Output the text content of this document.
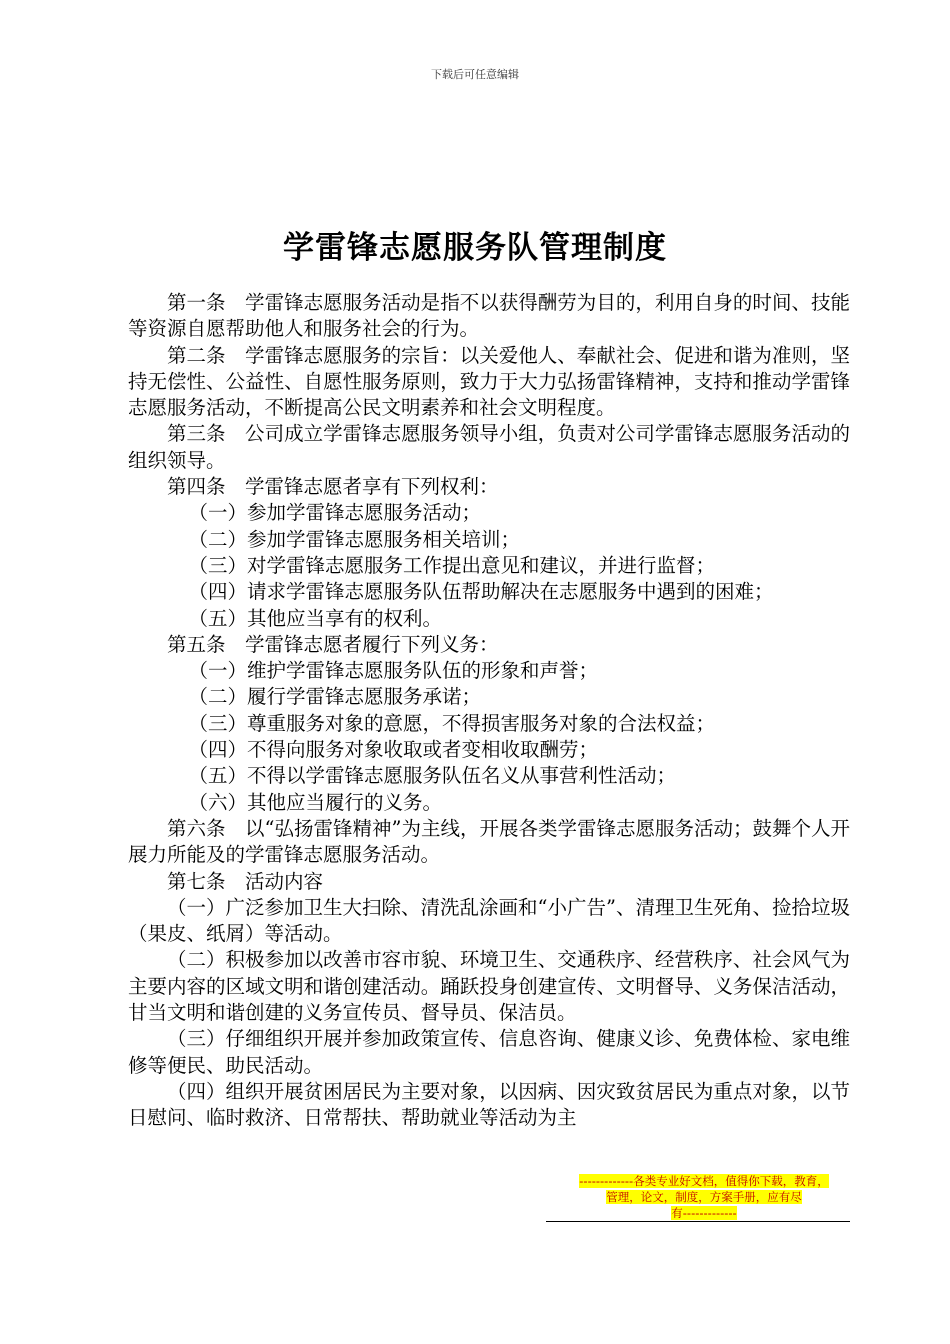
下载后可任意编辑
学雷锋志愿服务队管理制度

第一条　学雷锋志愿服务活动是指不以获得酬劳为目的，利用自身的时间、技能等资源自愿帮助他人和服务社会的行为。

第二条　学雷锋志愿服务的宗旨：以关爱他人、奉献社会、促进和谐为准则，坚持无偿性、公益性、自愿性服务原则，致力于大力弘扬雷锋精神，支持和推动学雷锋志愿服务活动，不断提高公民文明素养和社会文明程度。

第三条　公司成立学雷锋志愿服务领导小组，负责对公司学雷锋志愿服务活动的组织领导。

第四条　学雷锋志愿者享有下列权利：

（一）参加学雷锋志愿服务活动；

（二）参加学雷锋志愿服务相关培训；

（三）对学雷锋志愿服务工作提出意见和建议，并进行监督；

（四）请求学雷锋志愿服务队伍帮助解决在志愿服务中遇到的困难；

（五）其他应当享有的权利。

第五条　学雷锋志愿者履行下列义务：

（一）维护学雷锋志愿服务队伍的形象和声誉；

（二）履行学雷锋志愿服务承诺；

（三）尊重服务对象的意愿，不得损害服务对象的合法权益；

（四）不得向服务对象收取或者变相收取酬劳；

（五）不得以学雷锋志愿服务队伍名义从事营利性活动；

（六）其他应当履行的义务。

第六条　以“弘扬雷锋精神”为主线，开展各类学雷锋志愿服务活动；鼓舞个人开展力所能及的学雷锋志愿服务活动。

第七条　活动内容

（一）广泛参加卫生大扫除、清洗乱涂画和“小广告”、清理卫生死角、捡拾垃圾（果皮、纸屑）等活动。

（二）积极参加以改善市容市貌、环境卫生、交通秩序、经营秩序、社会风气为主要内容的区域文明和谐创建活动。踊跃投身创建宣传、文明督导、义务保洁活动，甘当文明和谐创建的义务宣传员、督导员、保洁员。

（三）仔细组织开展并参加政策宣传、信息咨询、健康义诊、免费体检、家电维修等便民、助民活动。

（四）组织开展贫困居民为主要对象，以因病、因灾致贫居民为重点对象，以节日慰问、临时救济、日常帮扶、帮助就业等活动为主

-------------各类专业好文档，值得你下载，教育，
管理，论文，制度，方案手册，应有尽
有-------------
